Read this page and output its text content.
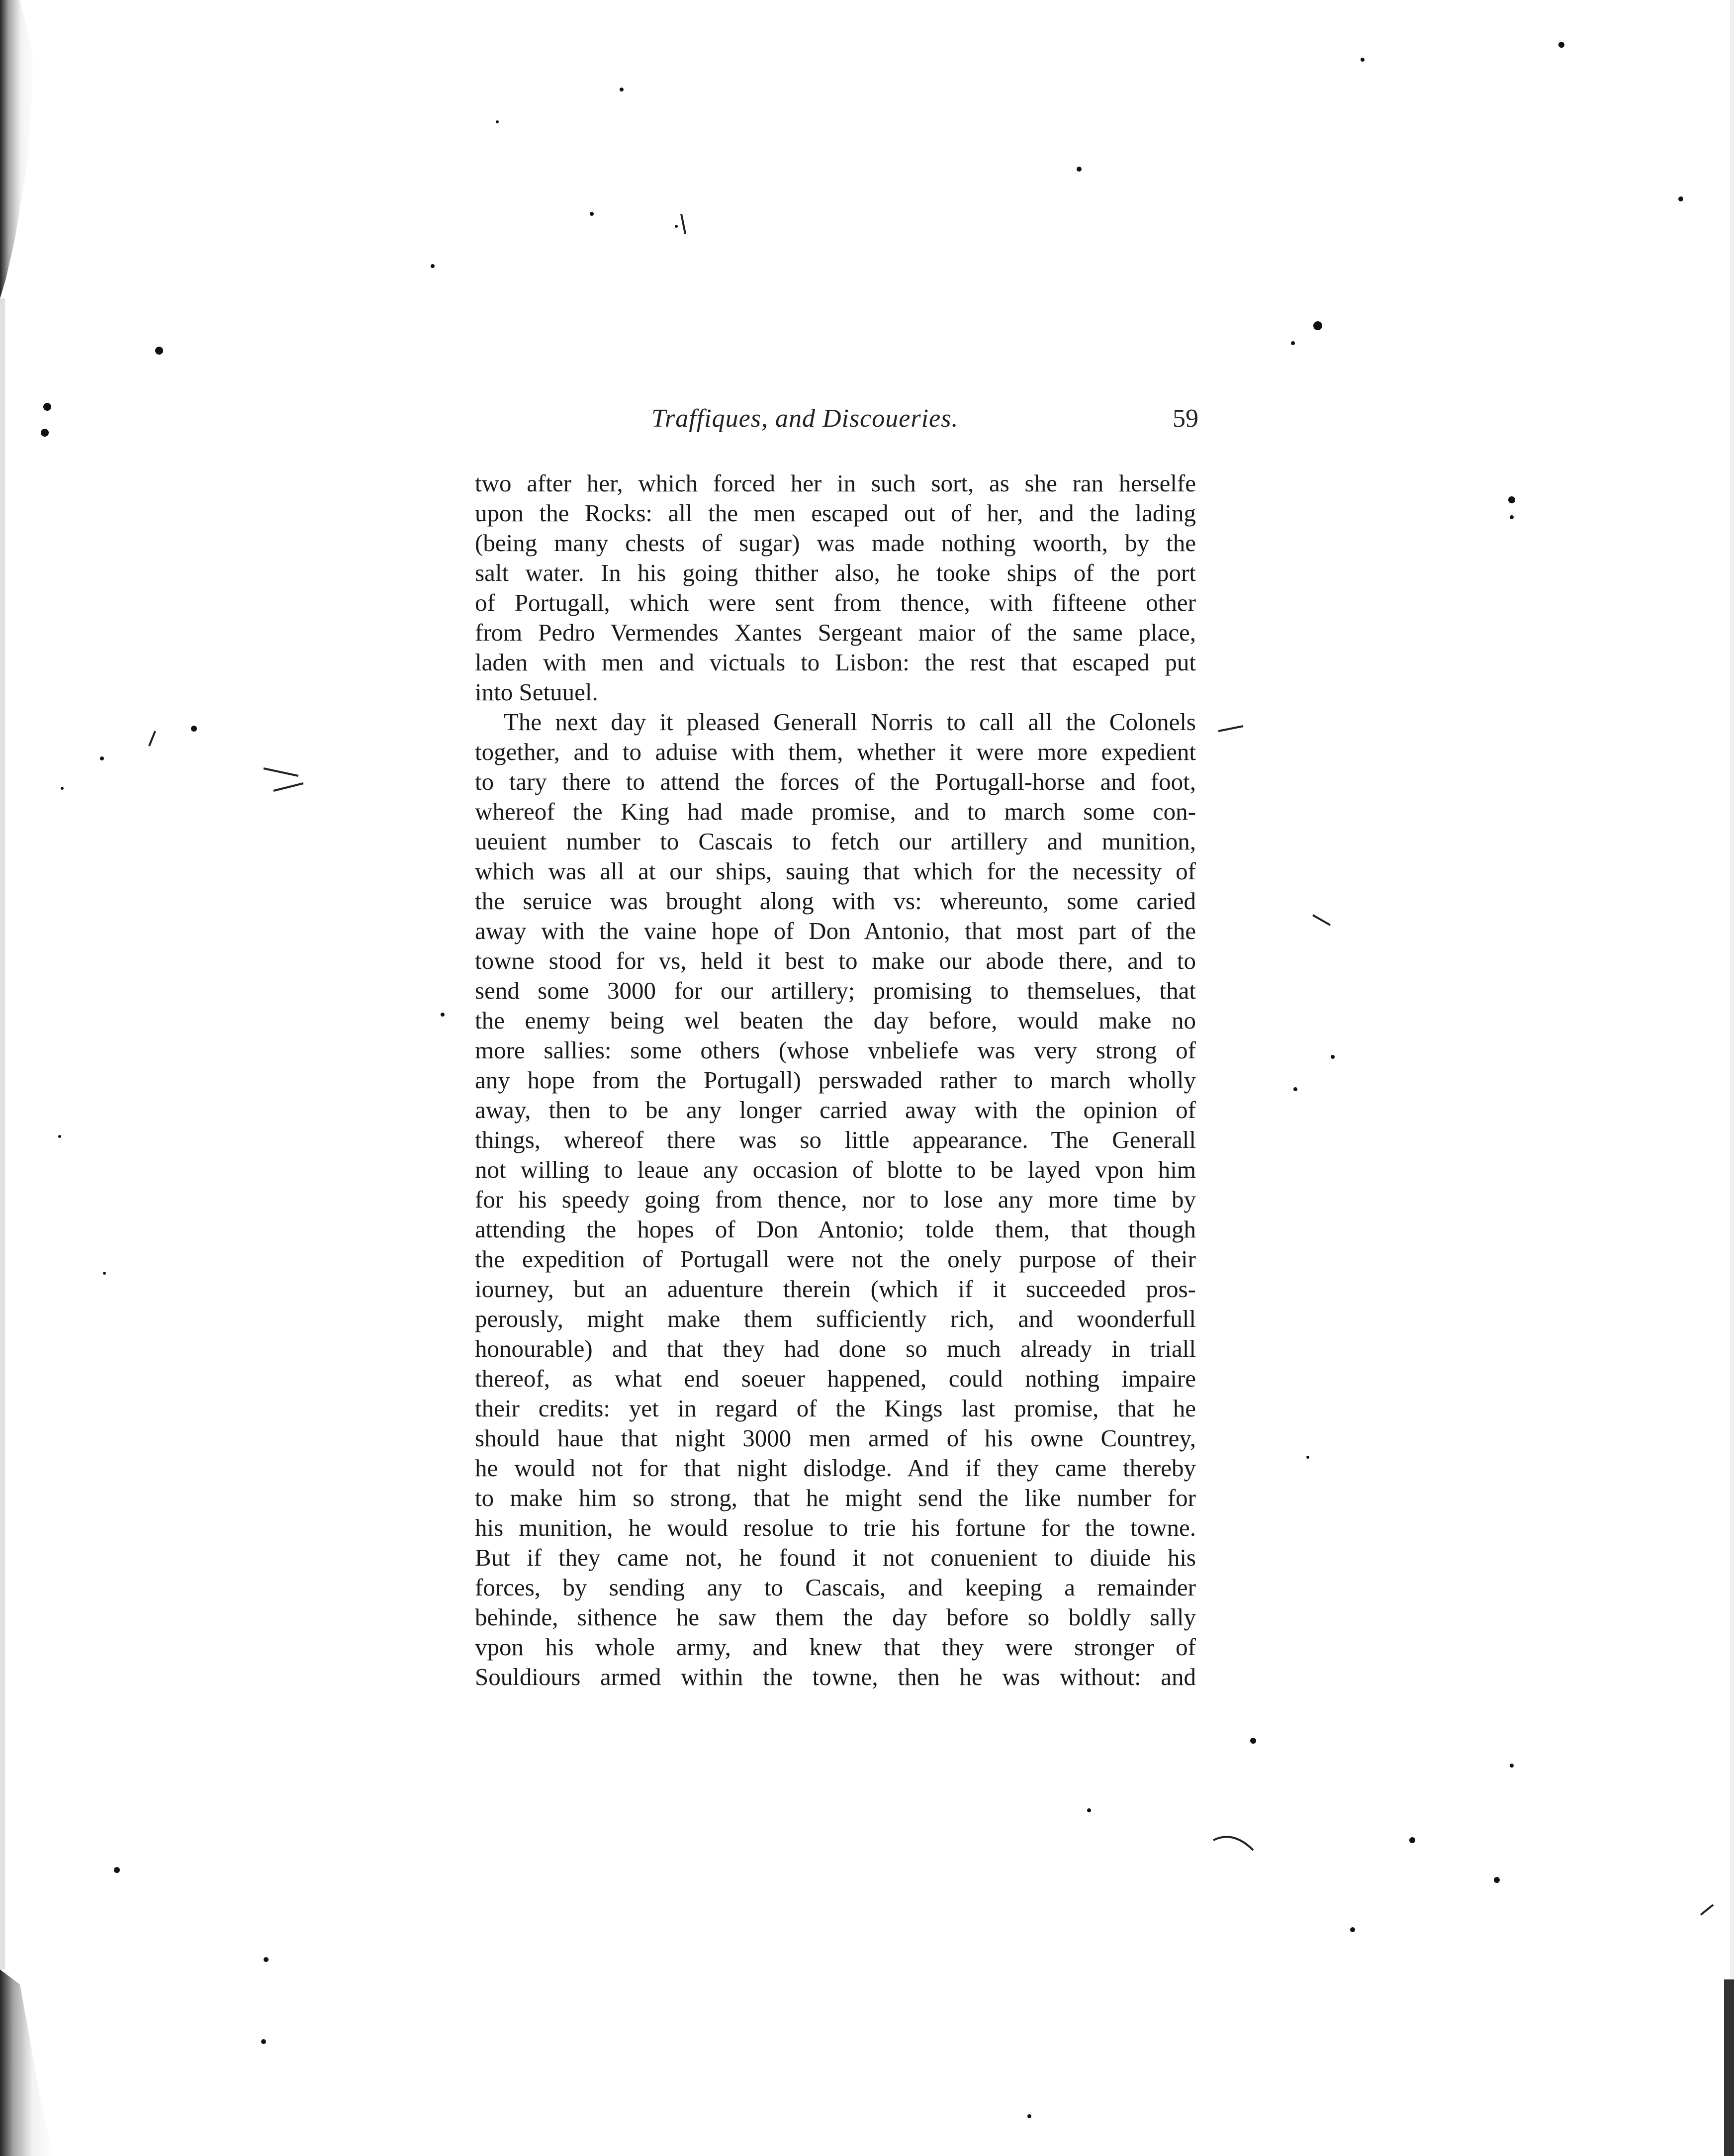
Traffiques, and Discoueries.	59
two after her, which forced her in such sort, as she ran herselfe
upon the Rocks: all the men escaped out of her, and the lading
(being many chests of sugar) was made nothing woorth, by the
salt water. In his going thither also, he tooke ships of the port
of Portugall, which were sent from thence, with fifteene other
from Pedro Vermendes Xantes Sergeant maior of the same place,
laden with men and victuals to Lisbon: the rest that escaped put
into Setuuel.
The next day it pleased Generall Norris to call all the Colonels
together, and to aduise with them, whether it were more expedient
to tary there to attend the forces of the Portugall-horse and foot,
whereof the King had made promise, and to march some con-
ueuient number to Cascais to fetch our artillery and munition,
which was all at our ships, sauing that which for the necessity of
the seruice was brought along with vs: whereunto, some caried
away with the vaine hope of Don Antonio, that most part of the
towne stood for vs, held it best to make our abode there, and to
send some 3000 for our artillery; promising to themselues, that
the enemy being wel beaten the day before, would make no
more sallies: some others (whose vnbeliefe was very strong of
any hope from the Portugall) perswaded rather to march wholly
away, then to be any longer carried away with the opinion of
things, whereof there was so little appearance. The Generall
not willing to leaue any occasion of blotte to be layed vpon him
for his speedy going from thence, nor to lose any more time by
attending the hopes of Don Antonio; tolde them, that though
the expedition of Portugall were not the onely purpose of their
iourney, but an aduenture therein (which if it succeeded pros-
perously, might make them sufficiently rich, and woonderfull
honourable) and that they had done so much already in triall
thereof, as what end soeuer happened, could nothing impaire
their credits: yet in regard of the Kings last promise, that he
should haue that night 3000 men armed of his owne Countrey,
he would not for that night dislodge. And if they came thereby
to make him so strong, that he might send the like number for
his munition, he would resolue to trie his fortune for the towne.
But if they came not, he found it not conuenient to diuide his
forces, by sending any to Cascais, and keeping a remainder
behinde, sithence he saw them the day before so boldly sally
vpon his whole army, and knew that they were stronger of
Souldiours armed within the towne, then he was without: and
